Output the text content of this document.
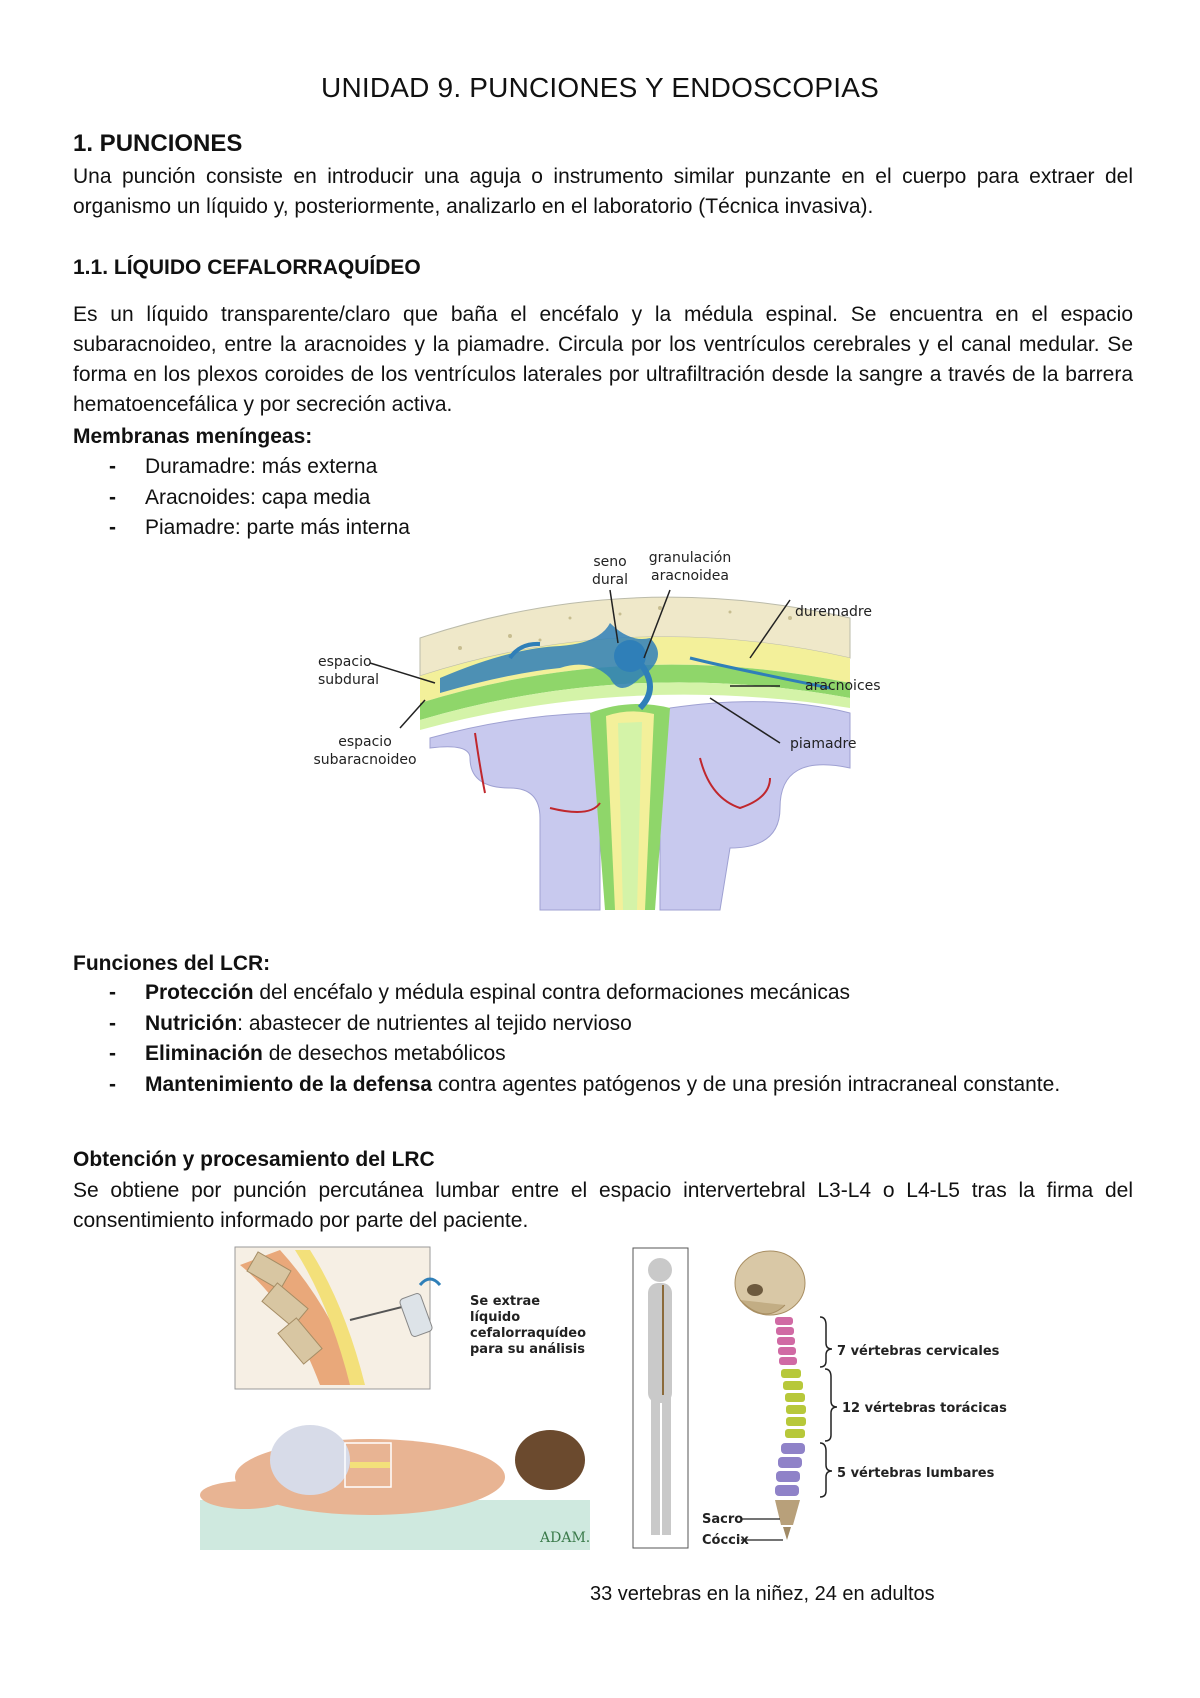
UNIDAD 9. PUNCIONES Y ENDOSCOPIAS
1. PUNCIONES
Una punción consiste en introducir una aguja o instrumento similar punzante en el cuerpo para extraer del organismo un líquido y, posteriormente, analizarlo en el laboratorio (Técnica invasiva).
1.1. LÍQUIDO CEFALORRAQUÍDEO
Es un líquido transparente/claro que baña el encéfalo y la médula espinal. Se encuentra en el espacio subaracnoideo, entre la aracnoides y la piamadre. Circula por los ventrículos cerebrales y el canal medular. Se forma en los plexos coroides de los ventrículos laterales por ultrafiltración desde la sangre a través de la barrera hematoencefálica y por secreción activa.
Membranas meníngeas:
- Duramadre: más externa
- Aracnoides: capa media
- Piamadre: parte más interna
seno
dural
granulación
aracnoidea
duremadre
espacio
subdural	aracnoices
espacio
subaracnoideo
piamadre
Funciones del LCR:
- Protección del encéfalo y médula espinal contra deformaciones mecánicas
- Nutrición: abastecer de nutrientes al tejido nervioso
- Eliminación de desechos metabólicos
- Mantenimiento de la defensa contra agentes patógenos y de una presión intracraneal constante.
Obtención y procesamiento del LRC
Se obtiene por punción percutánea lumbar entre el espacio intervertebral L3-L4 o L4-L5 tras la firma del consentimiento informado por parte del paciente.
Se extrae
líquido
cefalorraquídeo
para su análisis
ADAM.
7 vértebras cervicales
12 vértebras torácicas
5 vértebras lumbares
Sacro
Cóccix
33 vertebras en la niñez, 24 en adultos
